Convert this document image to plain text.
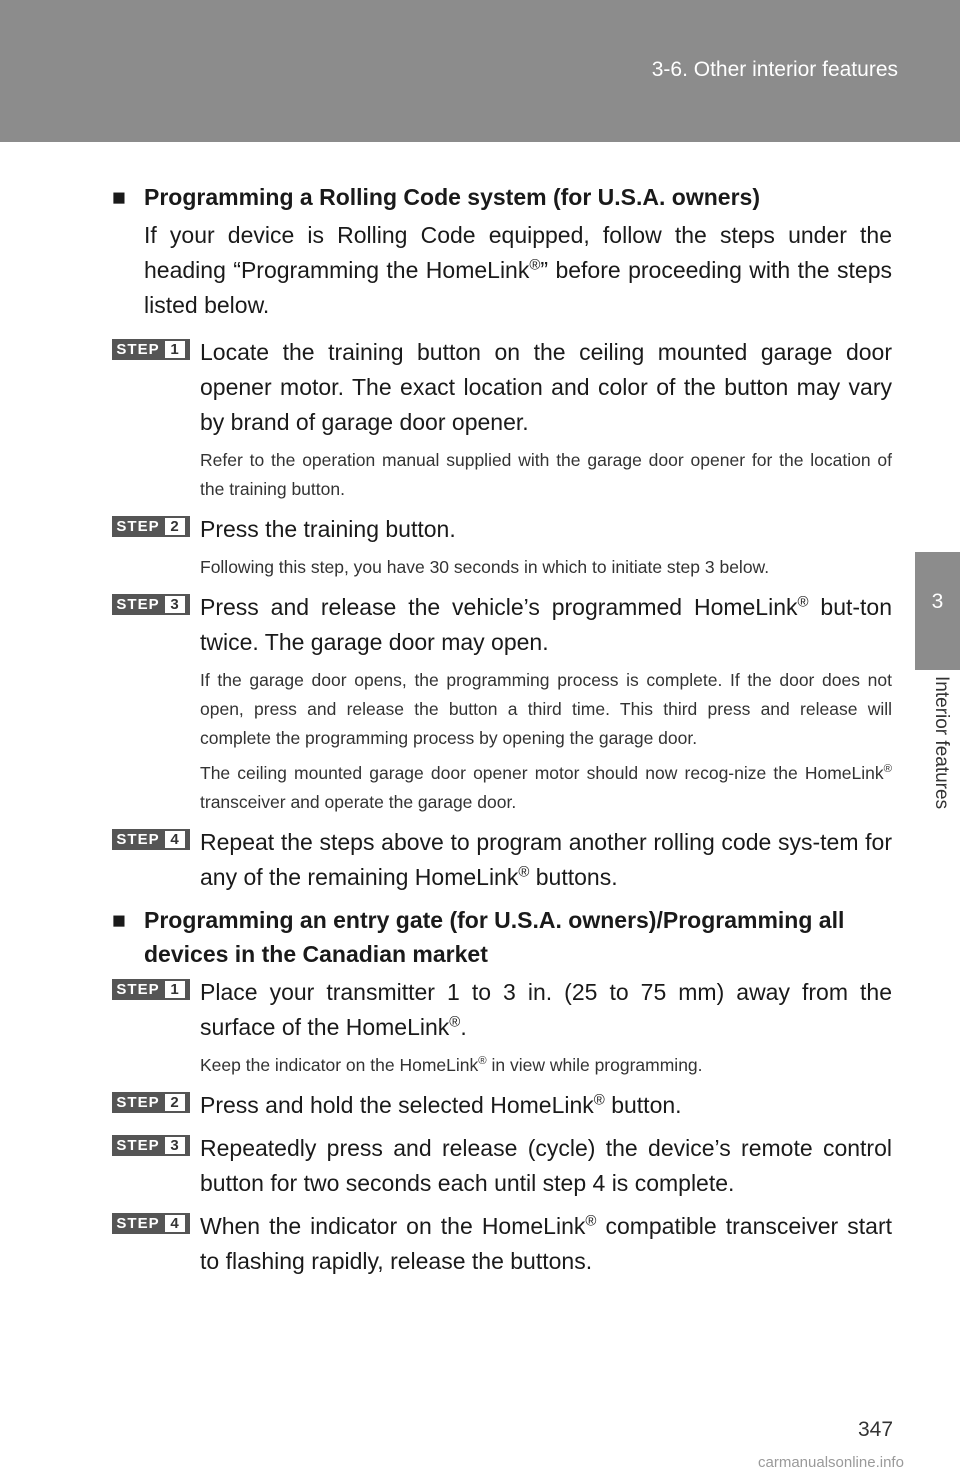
3-6. Other interior features
3
Interior features

■ Programming a Rolling Code system (for U.S.A. owners)

If your device is Rolling Code equipped, follow the steps under the heading “Programming the HomeLink®” before proceeding with the steps listed below.

STEP 1 Locate the training button on the ceiling mounted garage door opener motor. The exact location and color of the button may vary by brand of garage door opener.

Refer to the operation manual supplied with the garage door opener for the location of the training button.

STEP 2 Press the training button.

Following this step, you have 30 seconds in which to initiate step 3 below.

STEP 3 Press and release the vehicle’s programmed HomeLink® but-ton twice. The garage door may open.

If the garage door opens, the programming process is complete. If the door does not open, press and release the button a third time. This third press and release will complete the programming process by opening the garage door.

The ceiling mounted garage door opener motor should now recog-nize the HomeLink® transceiver and operate the garage door.

STEP 4 Repeat the steps above to program another rolling code sys-tem for any of the remaining HomeLink® buttons.

■ Programming an entry gate (for U.S.A. owners)/Programming all devices in the Canadian market

STEP 1 Place your transmitter 1 to 3 in. (25 to 75 mm) away from the surface of the HomeLink®.

Keep the indicator on the HomeLink® in view while programming.

STEP 2 Press and hold the selected HomeLink® button.

STEP 3 Repeatedly press and release (cycle) the device’s remote control button for two seconds each until step 4 is complete.

STEP 4 When the indicator on the HomeLink® compatible transceiver start to flashing rapidly, release the buttons.

347
carmanualsonline.info
